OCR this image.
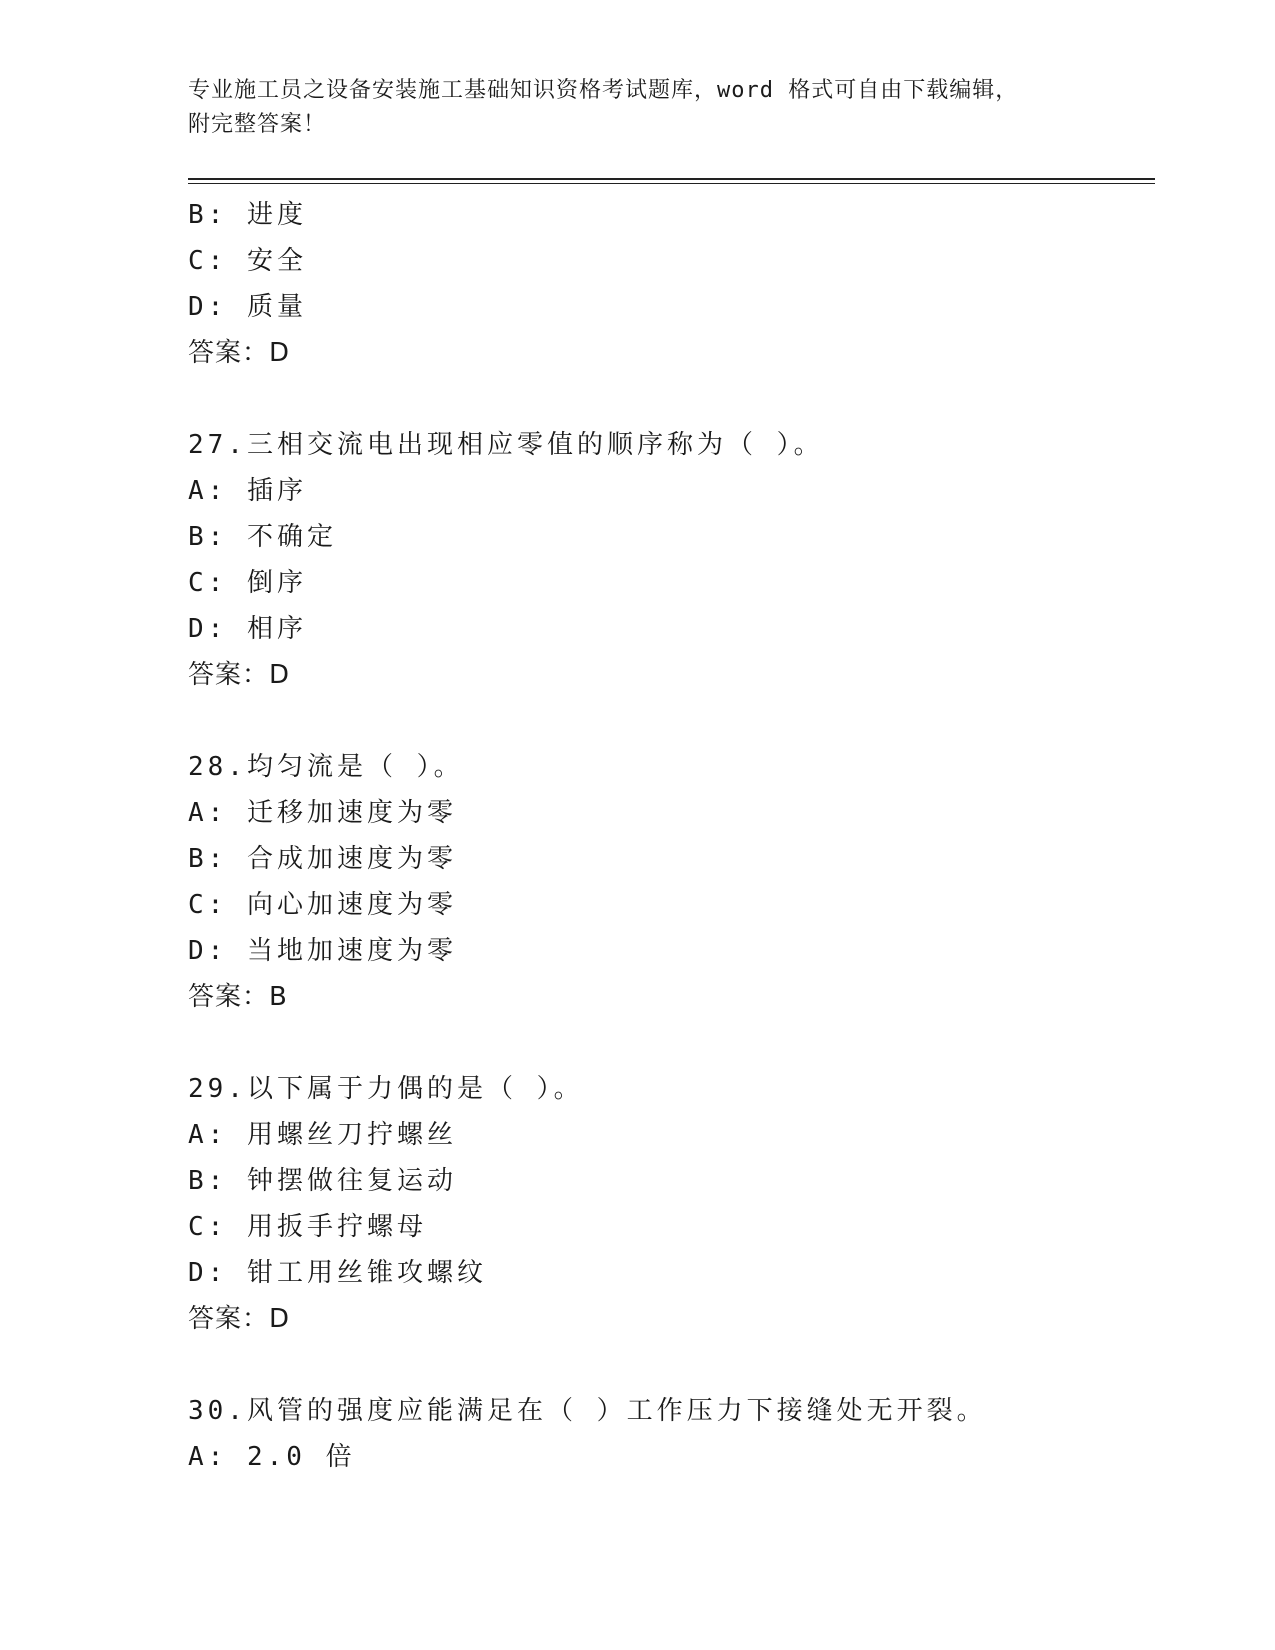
专业施工员之设备安装施工基础知识资格考试题库，word 格式可自由下载编辑，
附完整答案！
B: 进度
C: 安全
D: 质量
答案：D
27.三相交流电出现相应零值的顺序称为（ ）。
A: 插序
B: 不确定
C: 倒序
D: 相序
答案：D
28.均匀流是（ ）。
A: 迁移加速度为零
B: 合成加速度为零
C: 向心加速度为零
D: 当地加速度为零
答案：B
29.以下属于力偶的是（ ）。
A: 用螺丝刀拧螺丝
B: 钟摆做往复运动
C: 用扳手拧螺母
D: 钳工用丝锥攻螺纹
答案：D
30.风管的强度应能满足在（ ）工作压力下接缝处无开裂。
A: 2.0 倍
